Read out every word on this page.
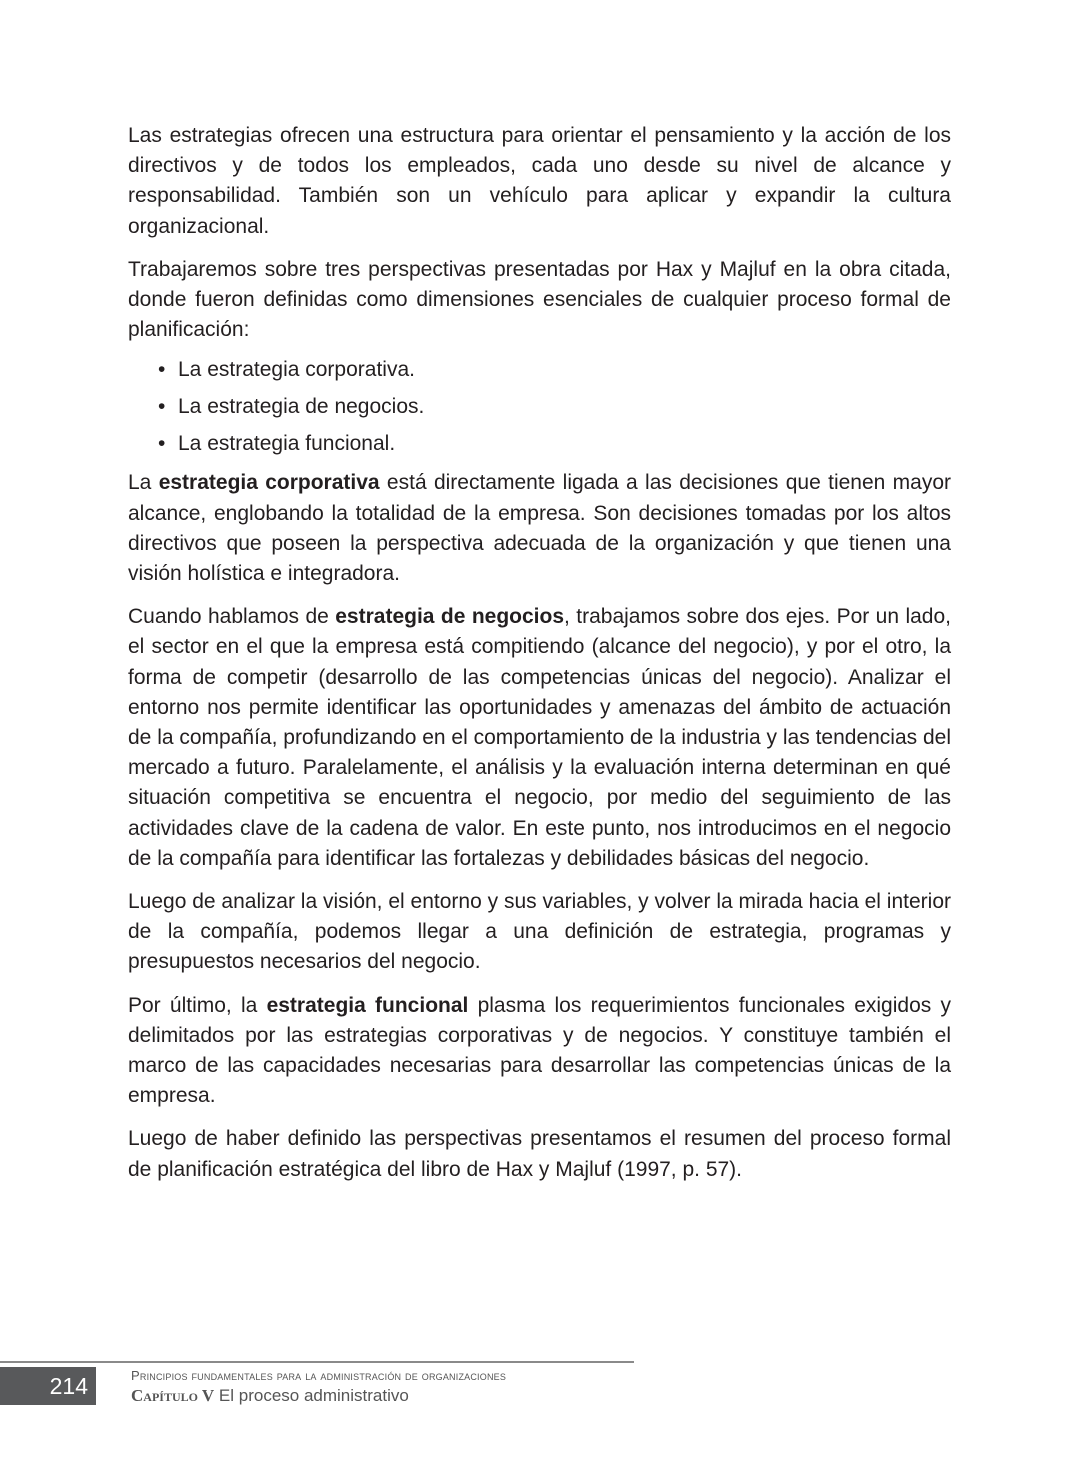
Las estrategias ofrecen una estructura para orientar el pensamiento y la acción de los directivos y de todos los empleados, cada uno desde su nivel de alcance y responsabilidad. También son un vehículo para aplicar y expandir la cultura organizacional.

Trabajaremos sobre tres perspectivas presentadas por Hax y Majluf en la obra citada, donde fueron definidas como dimensiones esenciales de cualquier proceso formal de planificación:

• La estrategia corporativa.
• La estrategia de negocios.
• La estrategia funcional.

La estrategia corporativa está directamente ligada a las decisiones que tienen mayor alcance, englobando la totalidad de la empresa. Son decisiones tomadas por los altos directivos que poseen la perspectiva adecuada de la organización y que tienen una visión holística e integradora.

Cuando hablamos de estrategia de negocios, trabajamos sobre dos ejes. Por un lado, el sector en el que la empresa está compitiendo (alcance del negocio), y por el otro, la forma de competir (desarrollo de las competencias únicas del negocio). Analizar el entorno nos permite identificar las oportunidades y amenazas del ámbito de actuación de la compañía, profundizando en el comportamiento de la industria y las tendencias del mercado a futuro. Paralelamente, el análisis y la evaluación interna determinan en qué situación competitiva se encuentra el negocio, por medio del seguimiento de las actividades clave de la cadena de valor. En este punto, nos introducimos en el negocio de la compañía para identificar las fortalezas y debilidades básicas del negocio.

Luego de analizar la visión, el entorno y sus variables, y volver la mirada hacia el interior de la compañía, podemos llegar a una definición de estrategia, programas y presupuestos necesarios del negocio.

Por último, la estrategia funcional plasma los requerimientos funcionales exigidos y delimitados por las estrategias corporativas y de negocios. Y constituye también el marco de las capacidades necesarias para desarrollar las competencias únicas de la empresa.

Luego de haber definido las perspectivas presentamos el resumen del proceso formal de planificación estratégica del libro de Hax y Majluf (1997, p. 57).

214	Principios fundamentales para la administración de organizaciones
Capítulo V El proceso administrativo
